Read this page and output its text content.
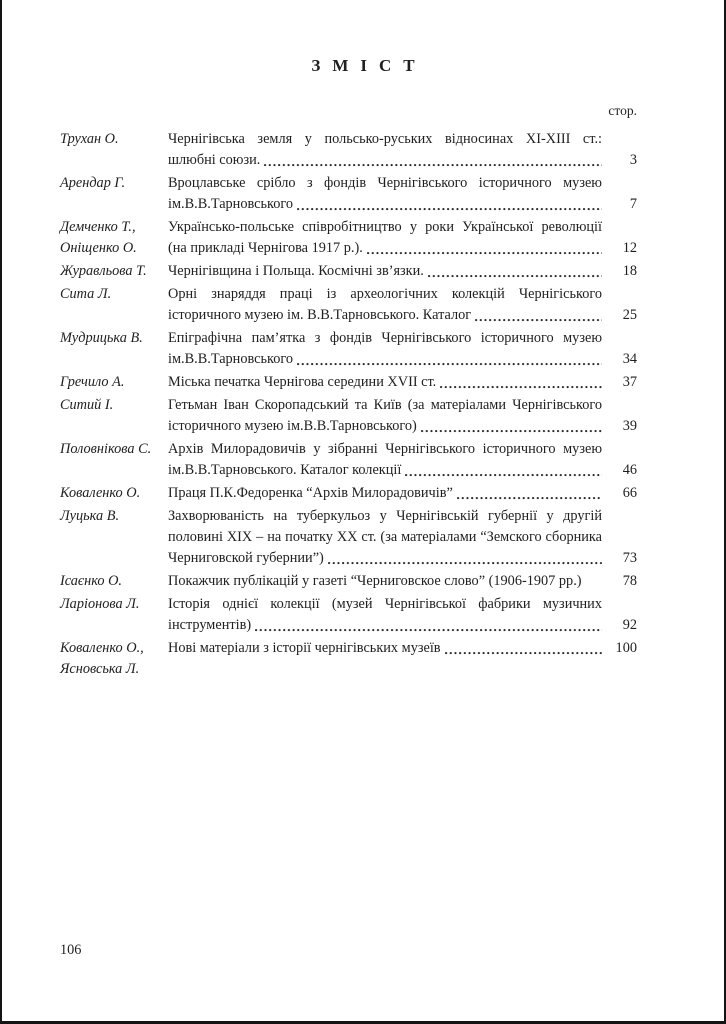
ЗМІСТ
стор.
Трухан О.	Чернігівська земля у польсько-руських відносинах XI-XIII ст.:
шлюбні союзи.	3
Арендар Г.	Вроцлавське срібло з фондів Чернігівського історичного музею
ім.В.В.Тарновського	7
Демченко Т.,
Оніщенко О.
Українсько-польське співробітництво у роки Української революції
(на прикладі Чернігова 1917 р.).	12
Журавльова Т.	Чернігівщина і Польща. Космічні зв’язки.	18
Сита Л.	Орні знаряддя праці із археологічних колекцій Чернігіського
історичного музею ім. В.В.Тарновського. Каталог	25
Мудрицька В.	Епіграфічна пам’ятка з фондів Чернігівського історичного музею
ім.В.В.Тарновського	34
Гречило А.	Міська печатка Чернігова середини XVII ст.	37
Ситий І.	Гетьман Іван Скоропадський та Київ (за матеріалами Чернігівського
історичного музею ім.В.В.Тарновського)	39
Половнікова С.	Архів Милорадовичів у зібранні Чернігівського історичного музею
ім.В.В.Тарновського. Каталог колекції	46
Коваленко О.	Праця П.К.Федоренка “Архів Милорадовичів”	66
Луцька В.	Захворюваність на туберкульоз у Чернігівській губернії у другій
половині XIX – на початку XX ст. (за матеріалами “Земского сборника
Черниговской губернии”)	73
Ісаєнко О.	Покажчик публікацій у газеті “Черниговское слово” (1906-1907 рр.)	78
Ларіонова Л.	Історія однієї колекції (музей Чернігівської фабрики музичних
інструментів)	92
Коваленко О.,
Ясновська Л.
Нові матеріали з історії чернігівських музеїв	100
106
